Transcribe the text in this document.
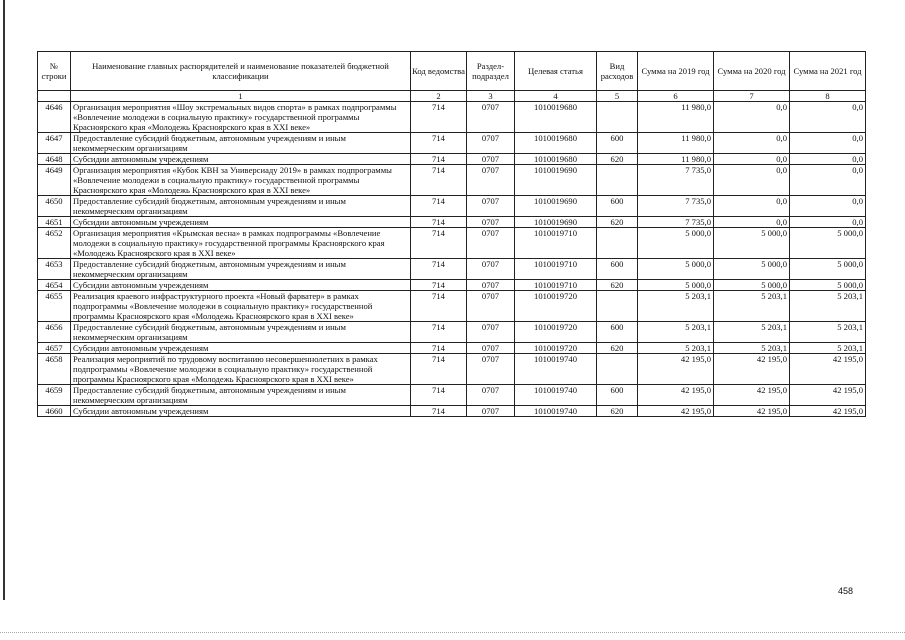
№ строки	Наименование главных распорядителей и наименование показателей бюджетной классификации	Код ведомства	Раздел-подраздел	Целевая статья	Вид расходов	Сумма на 2019 год	Сумма на 2020 год	Сумма на 2021 год
	1	2	3	4	5	6	7	8
4646	Организация мероприятия «Шоу экстремальных видов спорта» в рамках подпрограммы «Вовлечение молодежи в социальную практику» государственной программы Красноярского края «Молодежь Красноярского края в XXI веке»	714	0707	1010019680		11 980,0	0,0	0,0
4647	Предоставление субсидий бюджетным, автономным учреждениям и иным некоммерческим организациям	714	0707	1010019680	600	11 980,0	0,0	0,0
4648	Субсидии автономным учреждениям	714	0707	1010019680	620	11 980,0	0,0	0,0
4649	Организация мероприятия «Кубок КВН за Универсиаду 2019» в рамках подпрограммы «Вовлечение молодежи в социальную практику» государственной программы Красноярского края «Молодежь Красноярского края в XXI веке»	714	0707	1010019690		7 735,0	0,0	0,0
4650	Предоставление субсидий бюджетным, автономным учреждениям и иным некоммерческим организациям	714	0707	1010019690	600	7 735,0	0,0	0,0
4651	Субсидии автономным учреждениям	714	0707	1010019690	620	7 735,0	0,0	0,0
4652	Организация мероприятия «Крымская весна» в рамках подпрограммы «Вовлечение молодежи в социальную практику» государственной программы Красноярского края «Молодежь Красноярского края в XXI веке»	714	0707	1010019710		5 000,0	5 000,0	5 000,0
4653	Предоставление субсидий бюджетным, автономным учреждениям и иным некоммерческим организациям	714	0707	1010019710	600	5 000,0	5 000,0	5 000,0
4654	Субсидии автономным учреждениям	714	0707	1010019710	620	5 000,0	5 000,0	5 000,0
4655	Реализация краевого инфраструктурного проекта «Новый фарватер» в рамках подпрограммы «Вовлечение молодежи в социальную практику» государственной программы Красноярского края «Молодежь Красноярского края в XXI веке»	714	0707	1010019720		5 203,1	5 203,1	5 203,1
4656	Предоставление субсидий бюджетным, автономным учреждениям и иным некоммерческим организациям	714	0707	1010019720	600	5 203,1	5 203,1	5 203,1
4657	Субсидии автономным учреждениям	714	0707	1010019720	620	5 203,1	5 203,1	5 203,1
4658	Реализация мероприятий по трудовому воспитанию несовершеннолетних в рамках подпрограммы «Вовлечение молодежи в социальную практику» государственной программы Красноярского края «Молодежь Красноярского края в XXI веке»	714	0707	1010019740		42 195,0	42 195,0	42 195,0
4659	Предоставление субсидий бюджетным, автономным учреждениям и иным некоммерческим организациям	714	0707	1010019740	600	42 195,0	42 195,0	42 195,0
4660	Субсидии автономным учреждениям	714	0707	1010019740	620	42 195,0	42 195,0	42 195,0
458
